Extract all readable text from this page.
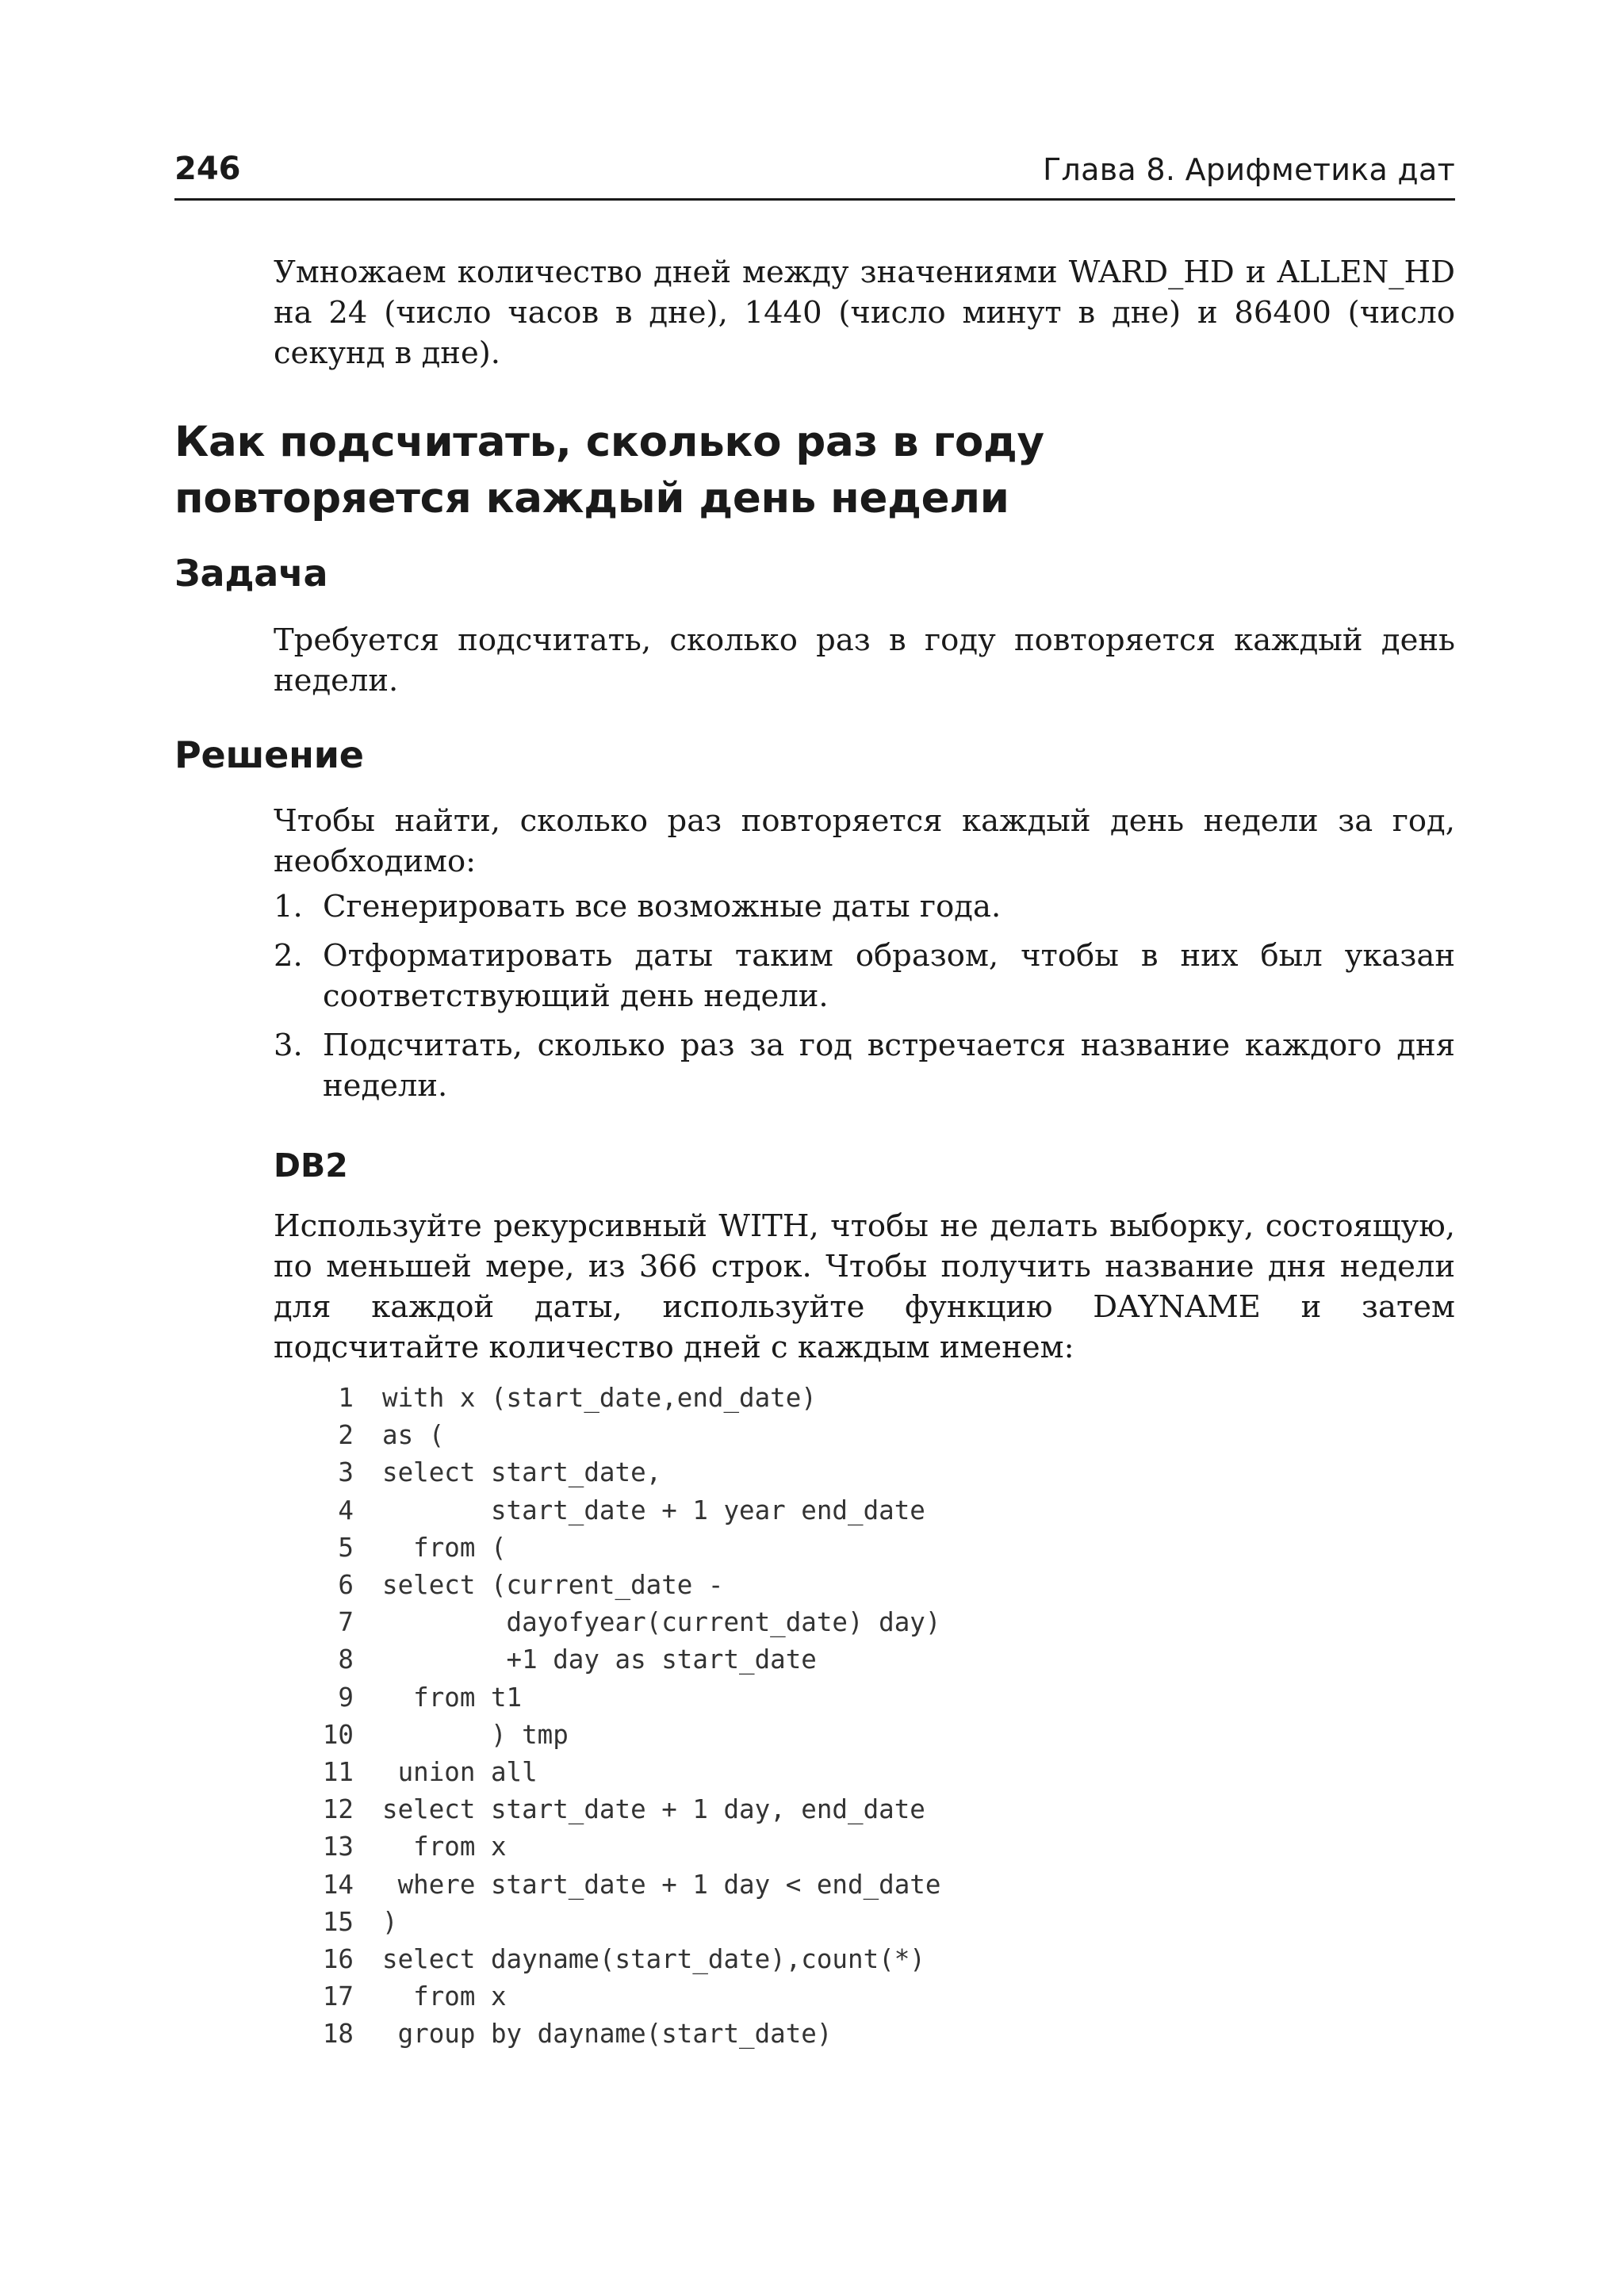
246	Глава 8. Арифметика дат

Умножаем количество дней между значениями WARD_HD и ALLEN_HD на 24 (число часов в дне), 1440 (число минут в дне) и 86400 (число секунд в дне).

Как подсчитать, сколько раз в году
повторяется каждый день недели
Задача

Требуется подсчитать, сколько раз в году повторяется каждый день недели.

Решение

Чтобы найти, сколько раз повторяется каждый день недели за год, необходимо:

1. Сгенерировать все возможные даты года.
2. Отформатировать даты таким образом, чтобы в них был указан соответствующий день недели.
3. Подсчитать, сколько раз за год встречается название каждого дня недели.
DB2

Используйте рекурсивный WITH, чтобы не делать выборку, состоящую, по меньшей мере, из 366 строк. Чтобы получить название дня недели для каждой даты, используйте функцию DAYNAME и затем подсчитайте количество дней с каждым именем:

1	with x (start_date,end_date)
2	as (
3	select start_date,
4	start_date + 1 year end_date
5	from (
6	select (current_date -
7	dayofyear(current_date) day)
8	+1 day as start_date
9	from t1
10	) tmp
11	union all
12	select start_date + 1 day, end_date
13	from x
14	where start_date + 1 day < end_date
15	)
16	select dayname(start_date),count(*)
17	from x
18	group by dayname(start_date)
